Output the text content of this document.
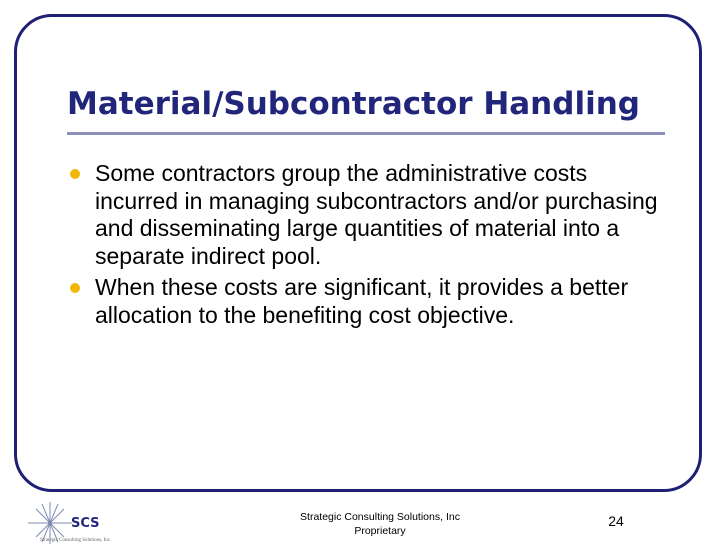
Material/Subcontractor Handling
Some contractors group the administrative costs incurred in managing subcontractors and/or purchasing and disseminating large quantities of material into a separate indirect pool.
When these costs are significant, it provides a better allocation to the benefiting cost objective.
SCS
Strategic Consulting Solutions, Inc.
Strategic Consulting Solutions, Inc
Proprietary
24
